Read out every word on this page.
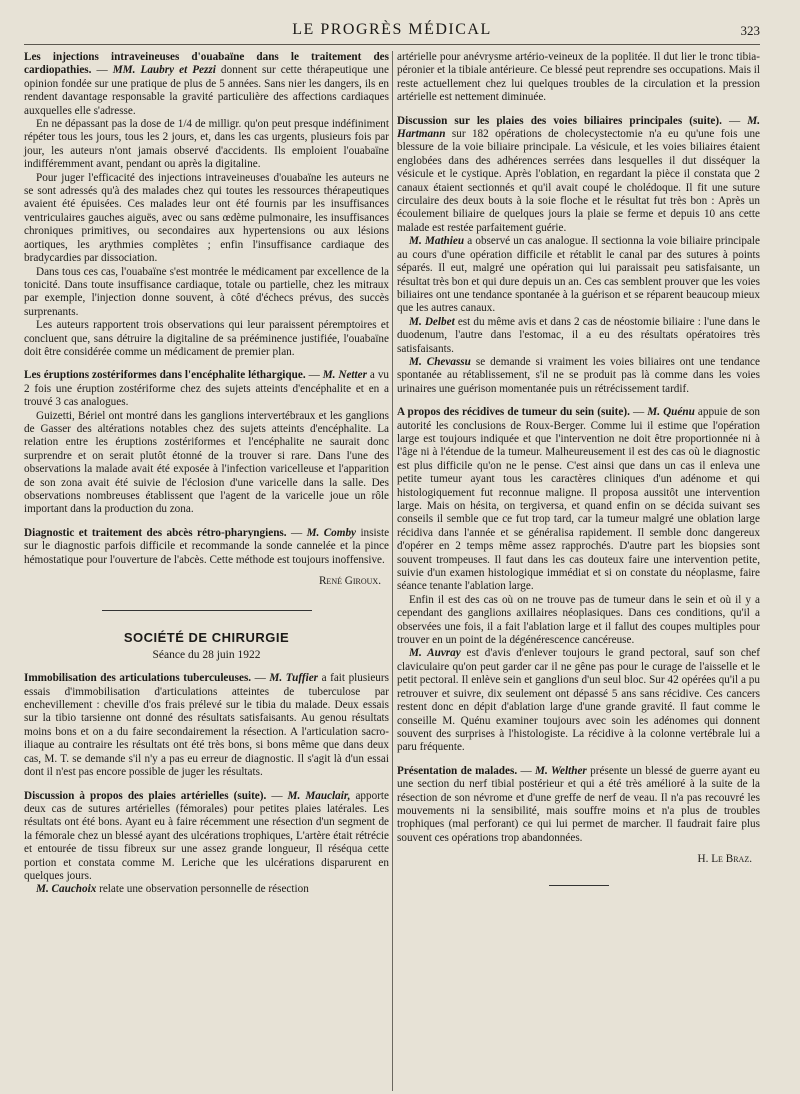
LE PROGRÈS MÉDICAL	323

Les injections intraveineuses d'ouabaïne dans le traitement des cardiopathies. — MM. Laubry et Pezzi donnent sur cette thérapeutique une opinion fondée sur une pratique de plus de 5 années. Sans nier les dangers, ils en rendent davantage responsable la gravité particulière des affections cardiaques auxquelles elle s'adresse.

En ne dépassant pas la dose de 1/4 de milligr. qu'on peut presque indéfiniment répéter tous les jours, tous les 2 jours, et, dans les cas urgents, plusieurs fois par jour, les auteurs n'ont jamais observé d'accidents. Ils emploient l'ouabaïne indifféremment avant, pendant ou après la digitaline.

Pour juger l'efficacité des injections intraveineuses d'ouabaïne les auteurs ne se sont adressés qu'à des malades chez qui toutes les ressources thérapeutiques avaient été épuisées. Ces malades leur ont été fournis par les insuffisances ventriculaires gauches aiguës, avec ou sans œdème pulmonaire, les insuffisances chroniques primitives, ou secondaires aux hypertensions ou aux lésions aortiques, les arythmies complètes ; enfin l'insuffisance cardiaque des bradycardies par dissociation.

Dans tous ces cas, l'ouabaïne s'est montrée le médicament par excellence de la tonicité. Dans toute insuffisance cardiaque, totale ou partielle, chez les mitraux par exemple, l'injection donne souvent, à côté d'échecs prévus, des succès surprenants.

Les auteurs rapportent trois observations qui leur paraissent péremptoires et concluent que, sans détruire la digitaline de sa prééminence justifiée, l'ouabaïne doit être considérée comme un médicament de premier plan.

Les éruptions zostériformes dans l'encéphalite léthargique. — M. Netter a vu 2 fois une éruption zostériforme chez des sujets atteints d'encéphalite et en a trouvé 3 cas analogues.

Guizetti, Bériel ont montré dans les ganglions intervertébraux et les ganglions de Gasser des altérations notables chez des sujets atteints d'encéphalite. La relation entre les éruptions zostériformes et l'encéphalite ne saurait donc surprendre et on serait plutôt étonné de la trouver si rare. Dans l'une des observations la malade avait été exposée à l'infection varicelleuse et l'apparition de son zona avait été suivie de l'éclosion d'une varicelle dans la salle. Des observations nombreuses établissent que l'agent de la varicelle joue un rôle important dans la production du zona.

Diagnostic et traitement des abcès rétro-pharyngiens. — M. Comby insiste sur le diagnostic parfois difficile et recommande la sonde cannelée et la pince hémostatique pour l'ouverture de l'abcès. Cette méthode est toujours inoffensive.

René Giroux.
SOCIÉTÉ DE CHIRURGIE
Séance du 28 juin 1922

Immobilisation des articulations tuberculeuses. — M. Tuffier a fait plusieurs essais d'immobilisation d'articulations atteintes de tuberculose par enchevillement : cheville d'os frais prélevé sur le tibia du malade. Deux essais sur la tibio tarsienne ont donné des résultats satisfaisants. Au genou résultats moins bons et on a du faire secondairement la résection. A l'articulation sacro-iliaque au contraire les résultats ont été très bons, si bons même que dans deux cas, M. T. se demande s'il n'y a pas eu erreur de diagnostic. Il s'agit là d'un essai dont il n'est pas encore possible de juger les résultats.

Discussion à propos des plaies artérielles (suite). — M. Mauclair, apporte deux cas de sutures artérielles (fémorales) pour petites plaies latérales. Les résultats ont été bons. Ayant eu à faire récemment une résection d'un segment de la fémorale chez un blessé ayant des ulcérations trophiques, L'artère était rétrécie et entourée de tissu fibreux sur une assez grande longueur, Il réséqua cette portion et constata comme M. Leriche que les ulcérations disparurent en quelques jours.

M. Cauchoix relate une observation personnelle de résection

artérielle pour anévrysme artério-veineux de la poplitée. Il dut lier le tronc tibia-péronier et la tibiale antérieure. Ce blessé peut reprendre ses occupations. Mais il reste actuellement chez lui quelques troubles de la circulation et la pression artérielle est nettement diminuée.

Discussion sur les plaies des voies biliaires principales (suite). — M. Hartmann sur 182 opérations de cholecystectomie n'a eu qu'une fois une blessure de la voie biliaire principale. La vésicule, et les voies biliaires étaient englobées dans des adhérences serrées dans lesquelles il dut disséquer la vésicule et le cystique. Après l'oblation, en regardant la pièce il constata que 2 canaux étaient sectionnés et qu'il avait coupé le cholédoque. Il fit une suture circulaire des deux bouts à la soie floche et le résultat fut très bon : Après un écoulement biliaire de quelques jours la plaie se ferme et depuis 10 ans cette malade est restée parfaitement guérie.

M. Mathieu a observé un cas analogue. Il sectionna la voie biliaire principale au cours d'une opération difficile et rétablit le canal par des sutures à points séparés. Il eut, malgré une opération qui lui paraissait peu satisfaisante, un résultat très bon et qui dure depuis un an. Ces cas semblent prouver que les voies biliaires ont une tendance spontanée à la guérison et se réparent beaucoup mieux que les autres canaux.

M. Delbet est du même avis et dans 2 cas de néostomie biliaire : l'une dans le duodenum, l'autre dans l'estomac, il a eu des résultats opératoires très satisfaisants.

M. Chevassu se demande si vraiment les voies biliaires ont une tendance spontanée au rétablissement, s'il ne se produit pas là comme dans les voies urinaires une guérison momentanée puis un rétrécissement tardif.

A propos des récidives de tumeur du sein (suite). — M. Quénu appuie de son autorité les conclusions de Roux-Berger. Comme lui il estime que l'opération large est toujours indiquée et que l'intervention ne doit être proportionnée ni à l'âge ni à l'étendue de la tumeur. Malheureusement il est des cas où le diagnostic est plus difficile qu'on ne le pense. C'est ainsi que dans un cas il enleva une petite tumeur ayant tous les caractères cliniques d'un adénome et qui histologiquement fut reconnue maligne. Il proposa aussitôt une intervention large. Mais on hésita, on tergiversa, et quand enfin on se décida suivant ses conseils il semble que ce fut trop tard, car la tumeur malgré une oblation large récidiva dans l'année et se généralisa rapidement. Il semble donc dangereux d'opérer en 2 temps même assez rapprochés. D'autre part les biopsies sont souvent trompeuses. Il faut dans les cas douteux faire une intervention petite, suivie d'un examen histologique immédiat et si on constate du néoplasme, faire séance tenante l'ablation large.

Enfin il est des cas où on ne trouve pas de tumeur dans le sein et où il y a cependant des ganglions axillaires néoplasiques. Dans ces conditions, qu'il a observées une fois, il a fait l'ablation large et il fallut des coupes multiples pour trouver en un point de la dégénérescence cancéreuse.

M. Auvray est d'avis d'enlever toujours le grand pectoral, sauf son chef claviculaire qu'on peut garder car il ne gêne pas pour le curage de l'aisselle et le petit pectoral. Il enlève sein et ganglions d'un seul bloc. Sur 42 opérées qu'il a pu retrouver et suivre, dix seulement ont dépassé 5 ans sans récidive. Ces cancers restent donc en dépit d'ablation large d'une grande gravité. Il faut comme le conseille M. Quénu examiner toujours avec soin les adénomes qui donnent souvent des surprises à l'histologiste. La récidive à la colonne vertébrale lui a paru fréquente.

Présentation de malades. — M. Welther présente un blessé de guerre ayant eu une section du nerf tibial postérieur et qui a été très amélioré à la suite de la résection de son névrome et d'une greffe de nerf de veau. Il n'a pas recouvré les mouvements ni la sensibilité, mais souffre moins et n'a plus de troubles trophiques (mal perforant) ce qui lui permet de marcher. Il faudrait faire plus souvent ces opérations trop abandonnées.

H. Le Braz.
